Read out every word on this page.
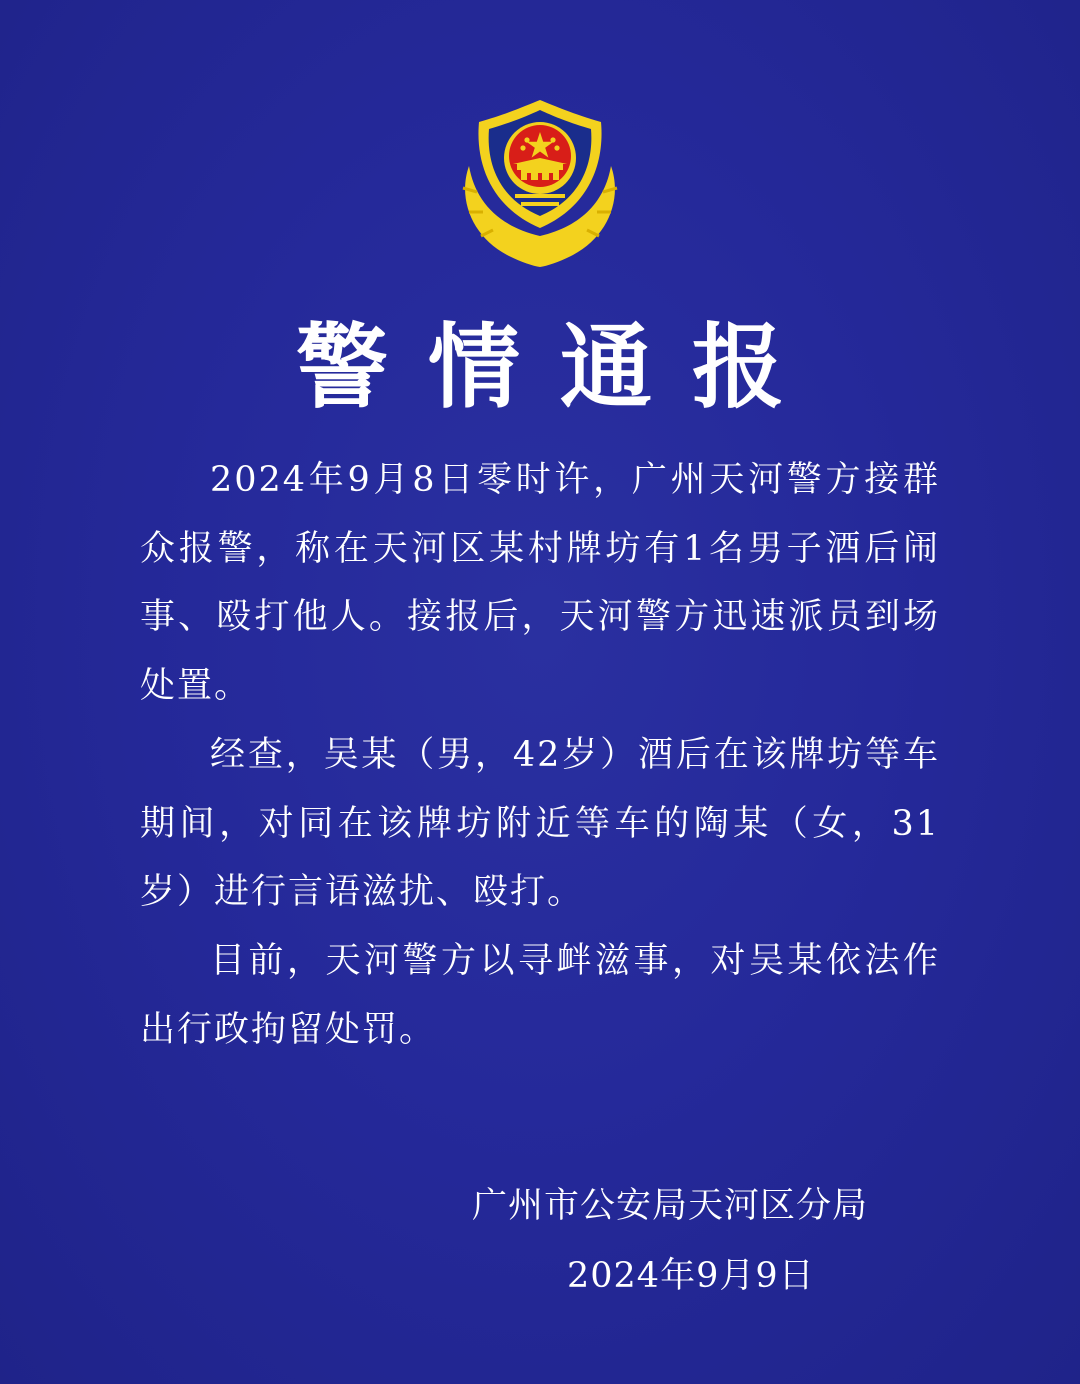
警情通报

2024年9月8日零时许，广州天河警方接群众报警，称在天河区某村牌坊有1名男子酒后闹事、殴打他人。接报后，天河警方迅速派员到场处置。

经查，吴某（男，42岁）酒后在该牌坊等车期间，对同在该牌坊附近等车的陶某（女，31岁）进行言语滋扰、殴打。

目前，天河警方以寻衅滋事，对吴某依法作出行政拘留处罚。

广州市公安局天河区分局
2024年9月9日
